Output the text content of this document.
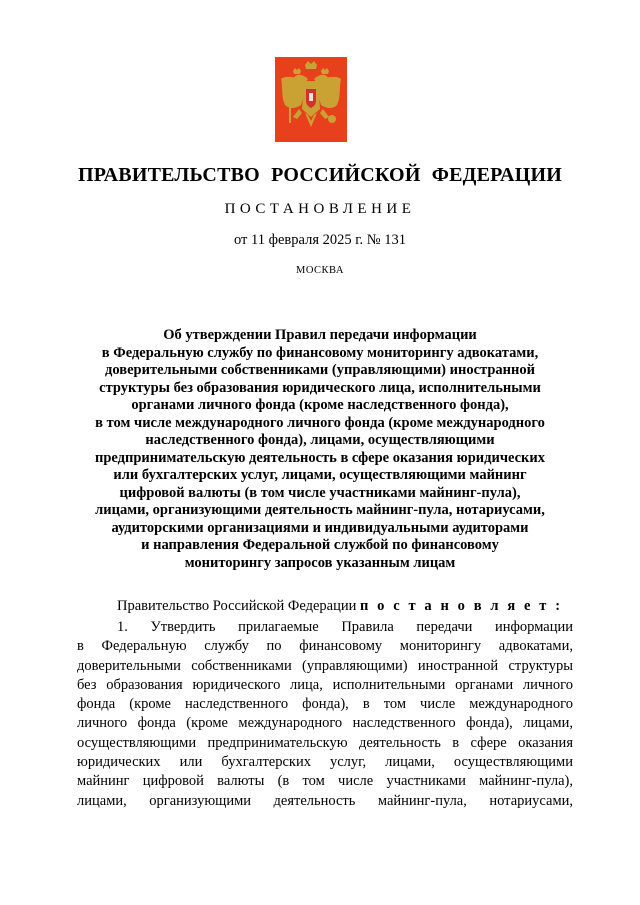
ПРАВИТЕЛЬСТВО РОССИЙСКОЙ ФЕДЕРАЦИИ
ПОСТАНОВЛЕНИЕ
от 11 февраля 2025 г. № 131
МОСКВА
Об утверждении Правил передачи информации
в Федеральную службу по финансовому мониторингу адвокатами,
доверительными собственниками (управляющими) иностранной
структуры без образования юридического лица, исполнительными
органами личного фонда (кроме наследственного фонда),
в том числе международного личного фонда (кроме международного
наследственного фонда), лицами, осуществляющими
предпринимательскую деятельность в сфере оказания юридических
или бухгалтерских услуг, лицами, осуществляющими майнинг
цифровой валюты (в том числе участниками майнинг-пула),
лицами, организующими деятельность майнинг-пула, нотариусами,
аудиторскими организациями и индивидуальными аудиторами
и направления Федеральной службой по финансовому
мониторингу запросов указанным лицам
Правительство Российской Федерации п о с т а н о в л я е т :
1. Утвердить прилагаемые Правила передачи информации
в Федеральную службу по финансовому мониторингу адвокатами,
доверительными собственниками (управляющими) иностранной структуры
без образования юридического лица, исполнительными органами личного
фонда (кроме наследственного фонда), в том числе международного
личного фонда (кроме международного наследственного фонда), лицами,
осуществляющими предпринимательскую деятельность в сфере оказания
юридических или бухгалтерских услуг, лицами, осуществляющими
майнинг цифровой валюты (в том числе участниками майнинг-пула),
лицами, организующими деятельность майнинг-пула, нотариусами,
